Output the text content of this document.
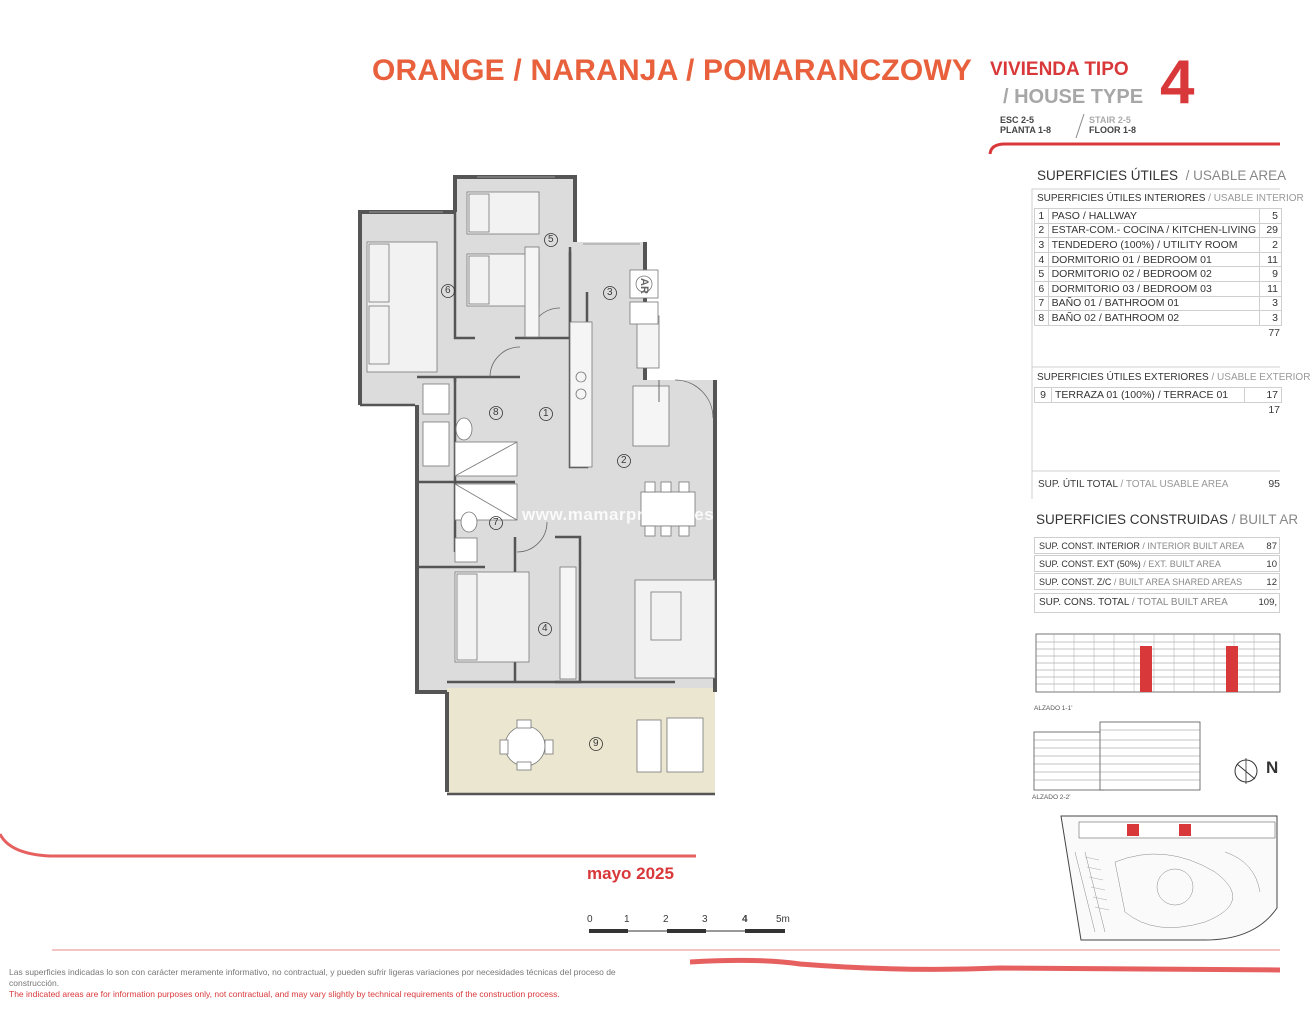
ORANGE / NARANJA / POMARANCZOWY VIVIENDA TIPO
/ HOUSE TYPE 4
ESC 2-5
PLANTA 1-8
STAIR 2-5
FLOOR 1-8
SUPERFICIES ÚTILES / USABLE AREA
SUPERFICIES ÚTILES INTERIORES / USABLE INTERIOR
1	PASO / HALLWAY	5
2	ESTAR-COM.- COCINA / KITCHEN-LIVING	29
3	TENDEDERO (100%) / UTILITY ROOM	2
4	DORMITORIO 01 / BEDROOM 01	11
5	DORMITORIO 02 / BEDROOM 02	9
6	DORMITORIO 03 / BEDROOM 03	11
7	BAÑO 01 / BATHROOM 01	3
8	BAÑO 02 / BATHROOM 02	3
77
SUPERFICIES ÚTILES EXTERIORES / USABLE EXTERIOR
9	TERRAZA 01 (100%) / TERRACE 01	17
17
SUP. ÚTIL TOTAL / TOTAL USABLE AREA	95
SUPERFICIES CONSTRUIDAS / BUILT AR
SUP. CONST. INTERIOR / INTERIOR BUILT AREA 87
SUP. CONST. EXT (50%) / EXT. BUILT AREA	10
SUP. CONST. Z/C / BUILT AREA SHARED AREAS	12
SUP. CONS. TOTAL / TOTAL BUILT AREA	109,
ALZADO 1-1'
ALZADO 2-2'
N
6
5
3
8	1
2
7
4
9
AR
www.mamarproperties
mayo 2025
0	1	2	3	4	5m
Las superficies indicadas lo son con carácter meramente informativo, no contractual, y pueden sufrir ligeras variaciones por necesidades técnicas del proceso de
construcción.
The indicated areas are for information purposes only, not contractual, and may vary slightly by technical requirements of the construction process.
